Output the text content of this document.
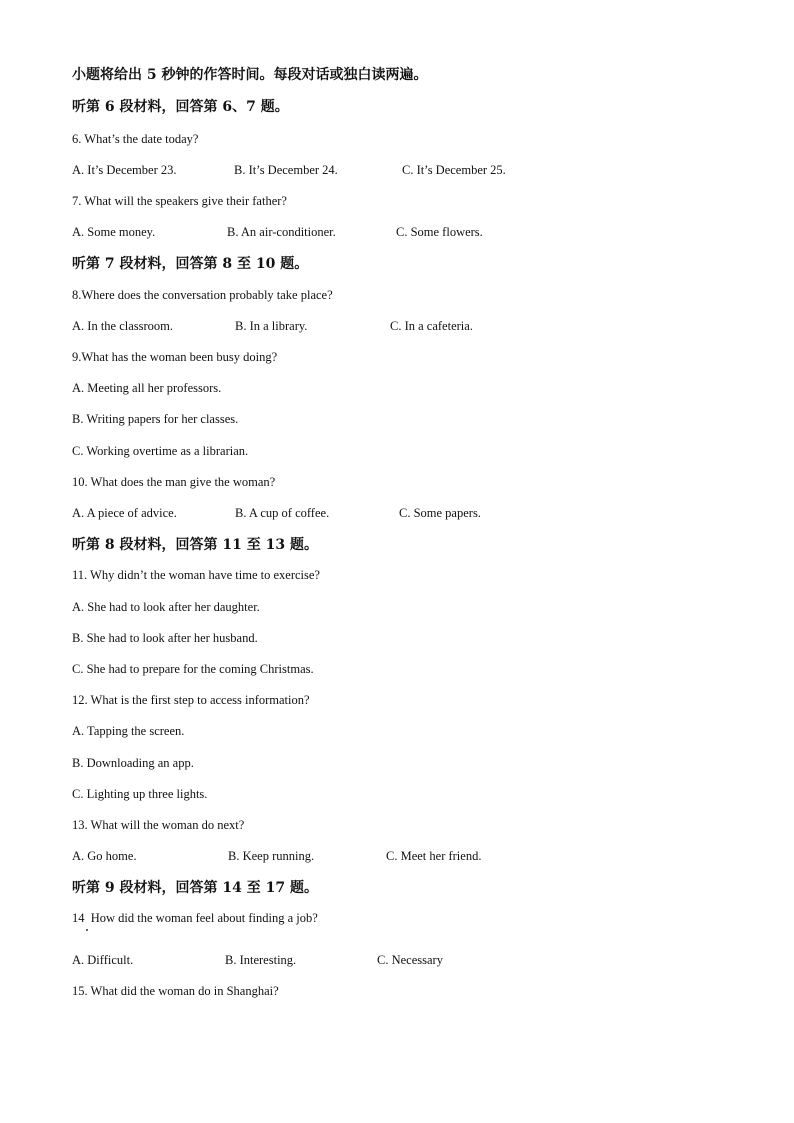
小题将给出 5 秒钟的作答时间。每段对话或独白读两遍。
听第 6 段材料，回答第 6、7 题。
6. What’s the date today?
A. It’s December 23.	B. It’s December 24.	C. It’s December 25.
7. What will the speakers give their father?
A. Some money.	B. An air-conditioner.	C. Some flowers.
听第 7 段材料，回答第 8 至 10 题。
8.Where does the conversation probably take place?
A. In the classroom.	B. In a library.	C. In a cafeteria.
9.What has the woman been busy doing?
A. Meeting all her professors.
B. Writing papers for her classes.
C. Working overtime as a librarian.
10. What does the man give the woman?
A. A piece of advice.	B. A cup of coffee.	C. Some papers.
听第 8 段材料，回答第 11 至 13 题。
11. Why didn’t the woman have time to exercise?
A. She had to look after her daughter.
B. She had to look after her husband.
C. She had to prepare for the coming Christmas.
12. What is the first step to access information?
A. Tapping the screen.
B. Downloading an app.
C. Lighting up three lights.
13. What will the woman do next?
A. Go home.	B. Keep running.	C. Meet her friend.
听第 9 段材料，回答第 14 至 17 题。
14  How did the woman feel about finding a job?
A. Difficult.	B. Interesting.	C. Necessary
15. What did the woman do in Shanghai?
